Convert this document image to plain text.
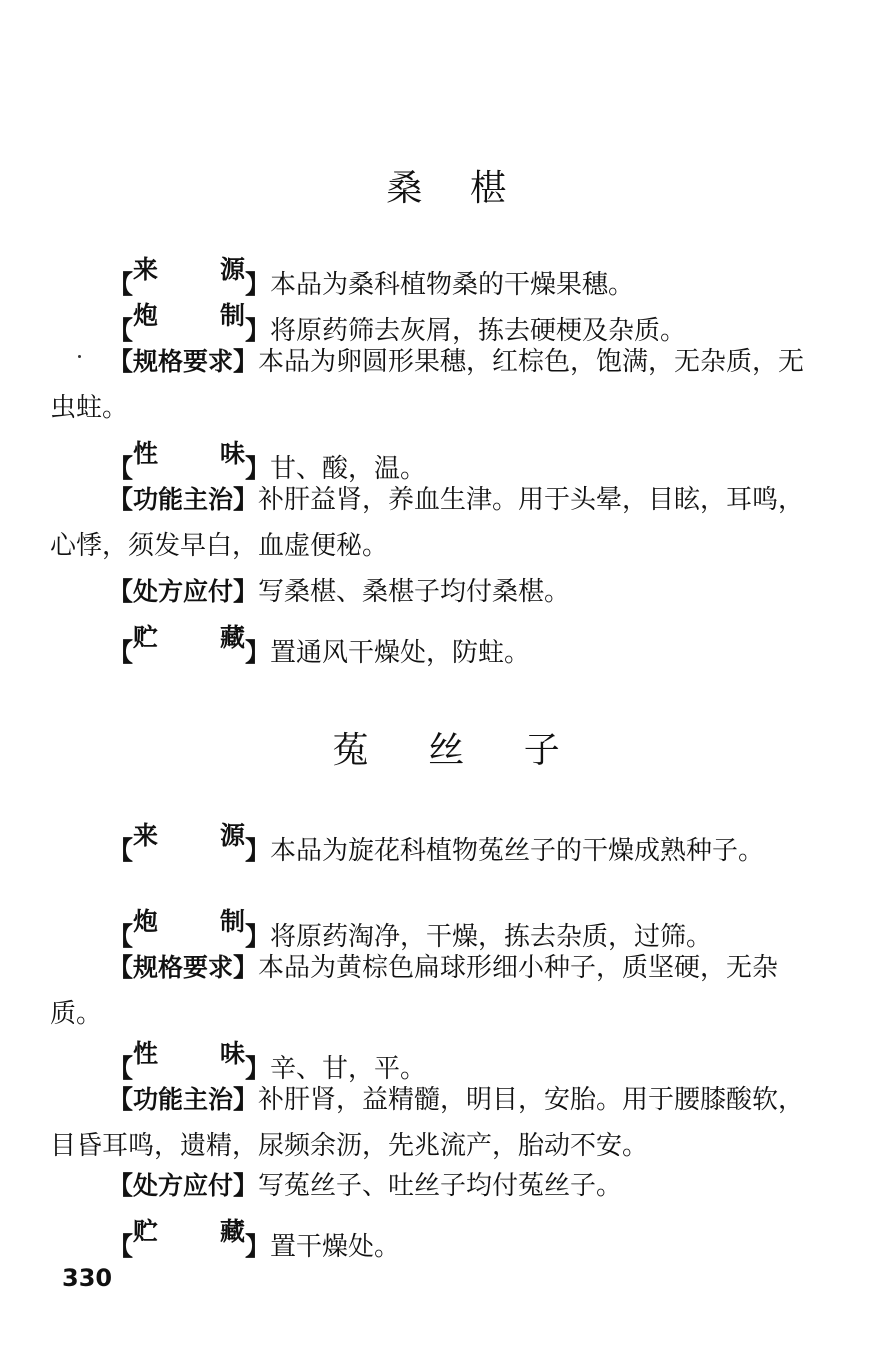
桑 椹

【
来 源
】本品为桑科植物桑的干燥果穗。

【
炮 制
】将原药筛去灰屑，拣去硬梗及杂质。

【规格要求】本品为卵圆形果穗，红棕色，饱满，无杂质，无虫蛀。

【
性 味
】甘、酸，温。

【功能主治】补肝益肾，养血生津。用于头晕，目眩，耳鸣，心悸，须发早白，血虚便秘。

【处方应付】写桑椹、桑椹子均付桑椹。

【
贮 藏
】置通风干燥处，防蛀。

菟 丝 子

【
来 源
】本品为旋花科植物菟丝子的干燥成熟种子。

【
炮 制
】将原药淘净，干燥，拣去杂质，过筛。

【规格要求】本品为黄棕色扁球形细小种子，质坚硬，无杂质。

【
性 味
】辛、甘，平。

【功能主治】补肝肾，益精髓，明目，安胎。用于腰膝酸软，目昏耳鸣，遗精，尿频余沥，先兆流产，胎动不安。

【处方应付】写菟丝子、吐丝子均付菟丝子。

【
贮 藏
】置干燥处。

330
